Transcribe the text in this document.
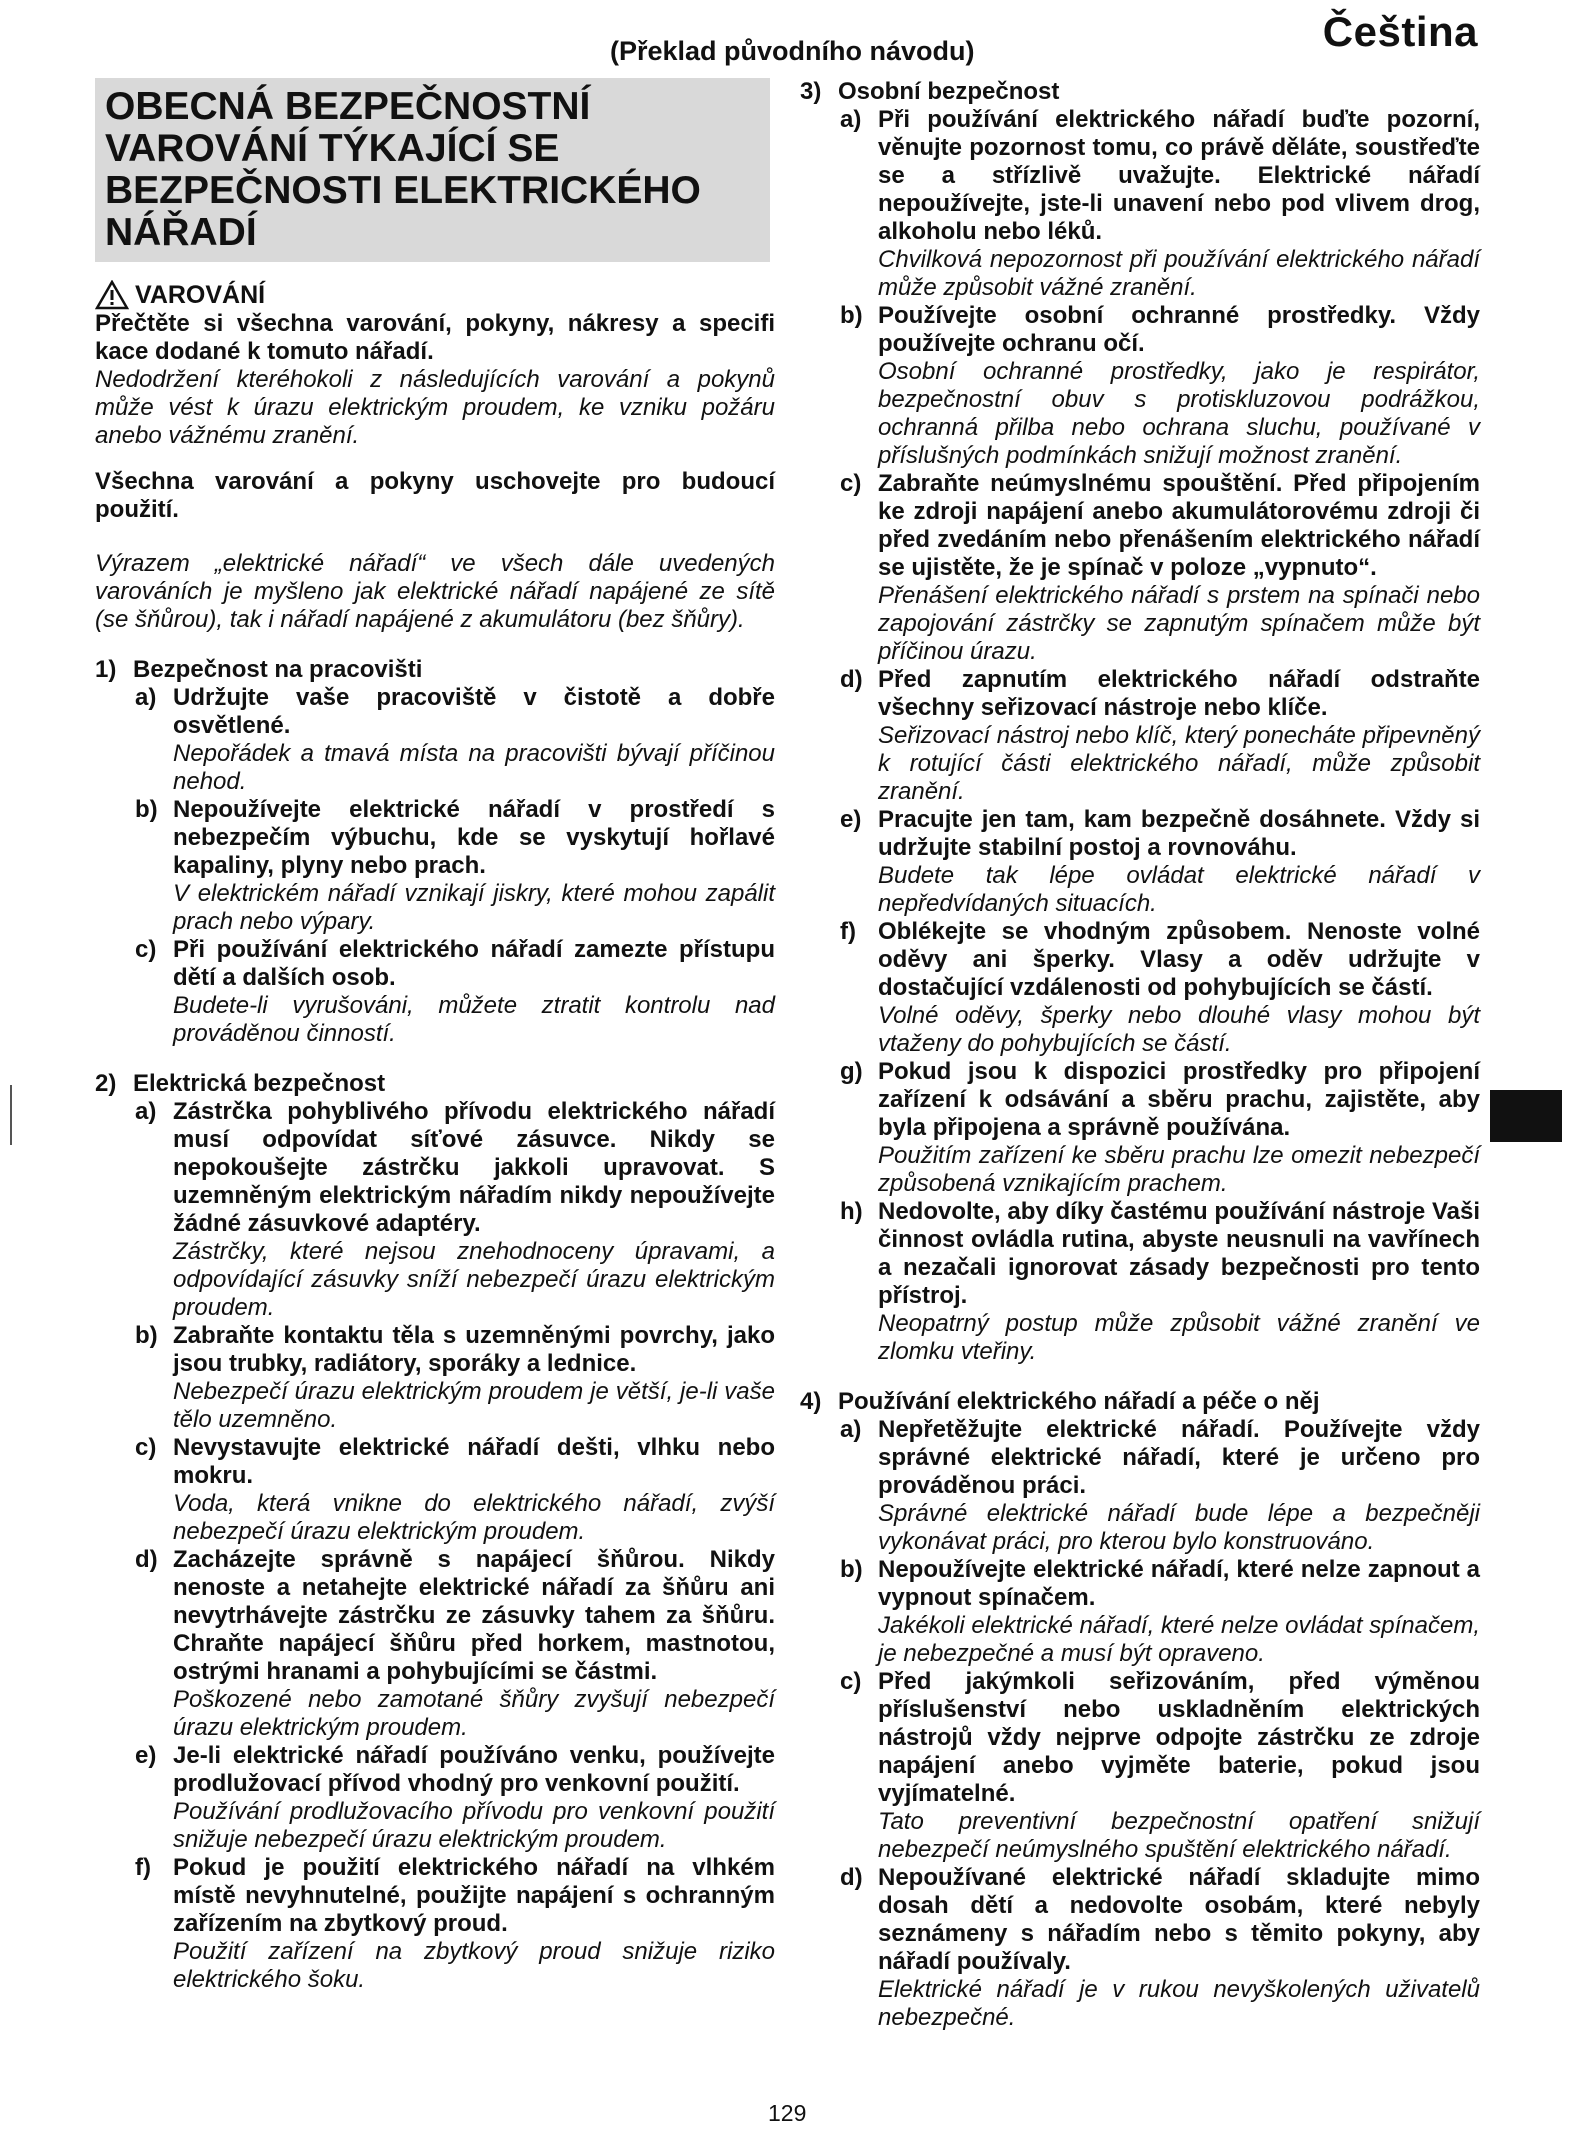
(Překlad původního návodu)	Čeština
OBECNÁ BEZPEČNOSTNÍ VAROVÁNÍ TÝKAJÍCÍ SE BEZPEČNOSTI ELEKTRICKÉHO NÁŘADÍ
VAROVÁNÍ

Přečtěte si všechna varování, pokyny, nákresy a specifi kace dodané k tomuto nářadí.

Nedodržení kteréhokoli z následujících varování a pokynů může vést k úrazu elektrickým proudem, ke vzniku požáru anebo vážnému zranění.

Všechna varování a pokyny uschovejte pro budoucí použití.

Výrazem „elektrické nářadí“ ve všech dále uvedených varováních je myšleno jak elektrické nářadí napájené ze sítě (se šňůrou), tak i nářadí napájené z akumulátoru (bez šňůry).

1) Bezpečnost na pracovišti
a) Udržujte vaše pracoviště v čistotě a dobře osvětlené.

Nepořádek a tmavá místa na pracovišti bývají příčinou nehod.

b) Nepoužívejte elektrické nářadí v prostředí s nebezpečím výbuchu, kde se vyskytují hořlavé kapaliny, plyny nebo prach.

V elektrickém nářadí vznikají jiskry, které mohou zapálit prach nebo výpary.

c) Při používání elektrického nářadí zamezte přístupu dětí a dalších osob.

Budete-li vyrušováni, můžete ztratit kontrolu nad prováděnou činností.

2) Elektrická bezpečnost
a) Zástrčka pohyblivého přívodu elektrického nářadí musí odpovídat síťové zásuvce. Nikdy se nepokoušejte zástrčku jakkoli upravovat. S uzemněným elektrickým nářadím nikdy nepoužívejte žádné zásuvkové adaptéry.

Zástrčky, které nejsou znehodnoceny úpravami, a odpovídající zásuvky sníží nebezpečí úrazu elektrickým proudem.

b) Zabraňte kontaktu těla s uzemněnými povrchy, jako jsou trubky, radiátory, sporáky a lednice.

Nebezpečí úrazu elektrickým proudem je větší, je-li vaše tělo uzemněno.

c) Nevystavujte elektrické nářadí dešti, vlhku nebo mokru.

Voda, která vnikne do elektrického nářadí, zvýší nebezpečí úrazu elektrickým proudem.

d) Zacházejte správně s napájecí šňůrou. Nikdy nenoste a netahejte elektrické nářadí za šňůru ani nevytrhávejte zástrčku ze zásuvky tahem za šňůru. Chraňte napájecí šňůru před horkem, mastnotou, ostrými hranami a pohybujícími se částmi.

Poškozené nebo zamotané šňůry zvyšují nebezpečí úrazu elektrickým proudem.

e) Je-li elektrické nářadí používáno venku, používejte prodlužovací přívod vhodný pro venkovní použití.

Používání prodlužovacího přívodu pro venkovní použití snižuje nebezpečí úrazu elektrickým proudem.

f) Pokud je použití elektrického nářadí na vlhkém místě nevyhnutelné, použijte napájení s ochranným zařízením na zbytkový proud.

Použití zařízení na zbytkový proud snižuje riziko elektrického šoku.

3) Osobní bezpečnost
a) Při používání elektrického nářadí buďte pozorní, věnujte pozornost tomu, co právě děláte, soustřeďte se a střízlivě uvažujte. Elektrické nářadí nepoužívejte, jste-li unavení nebo pod vlivem drog, alkoholu nebo léků.

Chvilková nepozornost při používání elektrického nářadí může způsobit vážné zranění.

b) Používejte osobní ochranné prostředky. Vždy používejte ochranu očí.

Osobní ochranné prostředky, jako je respirátor, bezpečnostní obuv s protiskluzovou podrážkou, ochranná přilba nebo ochrana sluchu, používané v příslušných podmínkách snižují možnost zranění.

c) Zabraňte neúmyslnému spouštění. Před připojením ke zdroji napájení anebo akumulátorovému zdroji či před zvedáním nebo přenášením elektrického nářadí se ujistěte, že je spínač v poloze „vypnuto“.

Přenášení elektrického nářadí s prstem na spínači nebo zapojování zástrčky se zapnutým spínačem může být příčinou úrazu.

d) Před zapnutím elektrického nářadí odstraňte všechny seřizovací nástroje nebo klíče.

Seřizovací nástroj nebo klíč, který ponecháte připevněný k rotující části elektrického nářadí, může způsobit zranění.

e) Pracujte jen tam, kam bezpečně dosáhnete. Vždy si udržujte stabilní postoj a rovnováhu.

Budete tak lépe ovládat elektrické nářadí v nepředvídaných situacích.

f) Oblékejte se vhodným způsobem. Nenoste volné oděvy ani šperky. Vlasy a oděv udržujte v dostačující vzdálenosti od pohybujících se částí.

Volné oděvy, šperky nebo dlouhé vlasy mohou být vtaženy do pohybujících se částí.

g) Pokud jsou k dispozici prostředky pro připojení zařízení k odsávání a sběru prachu, zajistěte, aby byla připojena a správně používána.

Použitím zařízení ke sběru prachu lze omezit nebezpečí způsobená vznikajícím prachem.

h) Nedovolte, aby díky častému používání nástroje Vaši činnost ovládla rutina, abyste neusnuli na vavřínech a nezačali ignorovat zásady bezpečnosti pro tento přístroj.

Neopatrný postup může způsobit vážné zranění ve zlomku vteřiny.

4) Používání elektrického nářadí a péče o něj
a) Nepřetěžujte elektrické nářadí. Používejte vždy správné elektrické nářadí, které je určeno pro prováděnou práci.

Správné elektrické nářadí bude lépe a bezpečněji vykonávat práci, pro kterou bylo konstruováno.

b) Nepoužívejte elektrické nářadí, které nelze zapnout a vypnout spínačem.

Jakékoli elektrické nářadí, které nelze ovládat spínačem, je nebezpečné a musí být opraveno.

c) Před jakýmkoli seřizováním, před výměnou příslušenství nebo uskladněním elektrických nástrojů vždy nejprve odpojte zástrčku ze zdroje napájení anebo vyjměte baterie, pokud jsou vyjímatelné.

Tato preventivní bezpečnostní opatření snižují nebezpečí neúmyslného spuštění elektrického nářadí.

d) Nepoužívané elektrické nářadí skladujte mimo dosah dětí a nedovolte osobám, které nebyly seznámeny s nářadím nebo s těmito pokyny, aby nářadí používaly.

Elektrické nářadí je v rukou nevyškolených uživatelů nebezpečné.

129
